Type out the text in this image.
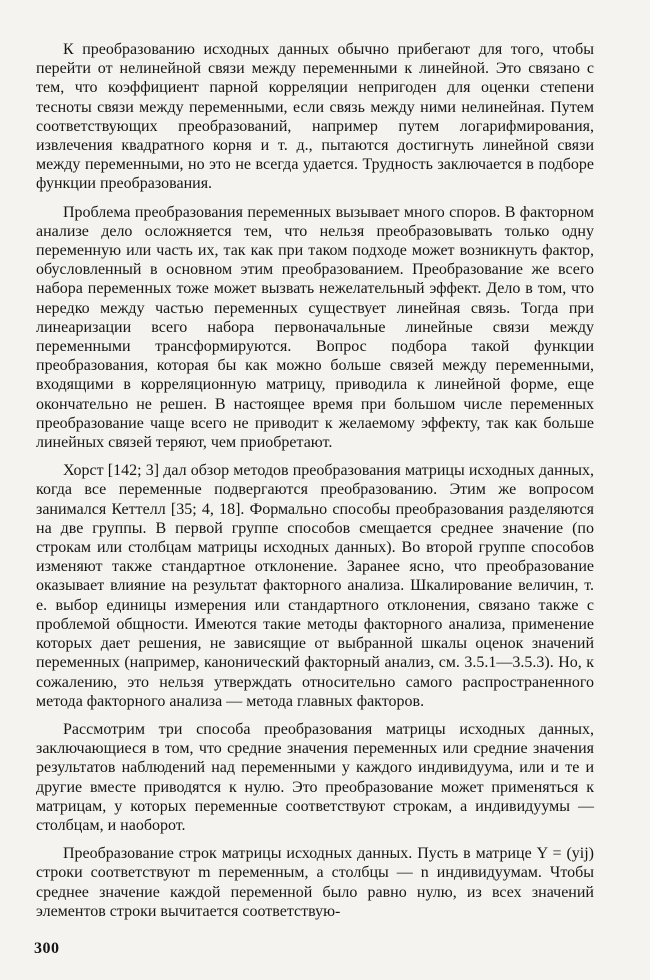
К преобразованию исходных данных обычно прибегают для того, чтобы перейти от нелинейной связи между переменными к линейной. Это связано с тем, что коэффициент парной корреляции непригоден для оценки степени тесноты связи между переменными, если связь между ними нелинейная. Путем соответствующих преобразований, например путем логарифмирования, извлечения квадратного корня и т. д., пытаются достигнуть линейной связи между переменными, но это не всегда удается. Трудность заключается в подборе функции преобразования.

Проблема преобразования переменных вызывает много споров. В факторном анализе дело осложняется тем, что нельзя преобразовывать только одну переменную или часть их, так как при таком подходе может возникнуть фактор, обусловленный в основном этим преобразованием. Преобразование же всего набора переменных тоже может вызвать нежелательный эффект. Дело в том, что нередко между частью переменных существует линейная связь. Тогда при линеаризации всего набора первоначальные линейные связи между переменными трансформируются. Вопрос подбора такой функции преобразования, которая бы как можно больше связей между переменными, входящими в корреляционную матрицу, приводила к линейной форме, еще окончательно не решен. В настоящее время при большом числе переменных преобразование чаще всего не приводит к желаемому эффекту, так как больше линейных связей теряют, чем приобретают.

Хорст [142; 3] дал обзор методов преобразования матрицы исходных данных, когда все переменные подвергаются преобразованию. Этим же вопросом занимался Кеттелл [35; 4, 18]. Формально способы преобразования разделяются на две группы. В первой группе способов смещается среднее значение (по строкам или столбцам матрицы исходных данных). Во второй группе способов изменяют также стандартное отклонение. Заранее ясно, что преобразование оказывает влияние на результат факторного анализа. Шкалирование величин, т. е. выбор единицы измерения или стандартного отклонения, связано также с проблемой общности. Имеются такие методы факторного анализа, применение которых дает решения, не зависящие от выбранной шкалы оценок значений переменных (например, канонический факторный анализ, см. 3.5.1—3.5.3). Но, к сожалению, это нельзя утверждать относительно самого распространенного метода факторного анализа — метода главных факторов.

Рассмотрим три способа преобразования матрицы исходных данных, заключающиеся в том, что средние значения переменных или средние значения результатов наблюдений над переменными у каждого индивидуума, или и те и другие вместе приводятся к нулю. Это преобразование может применяться к матрицам, у которых переменные соответствуют строкам, а индивидуумы — столбцам, и наоборот.

Преобразование строк матрицы исходных данных. Пусть в матрице Y = (yij) строки соответствуют m переменным, а столбцы — n индивидуумам. Чтобы среднее значение каждой переменной было равно нулю, из всех значений элементов строки вычитается соответствую-

300
